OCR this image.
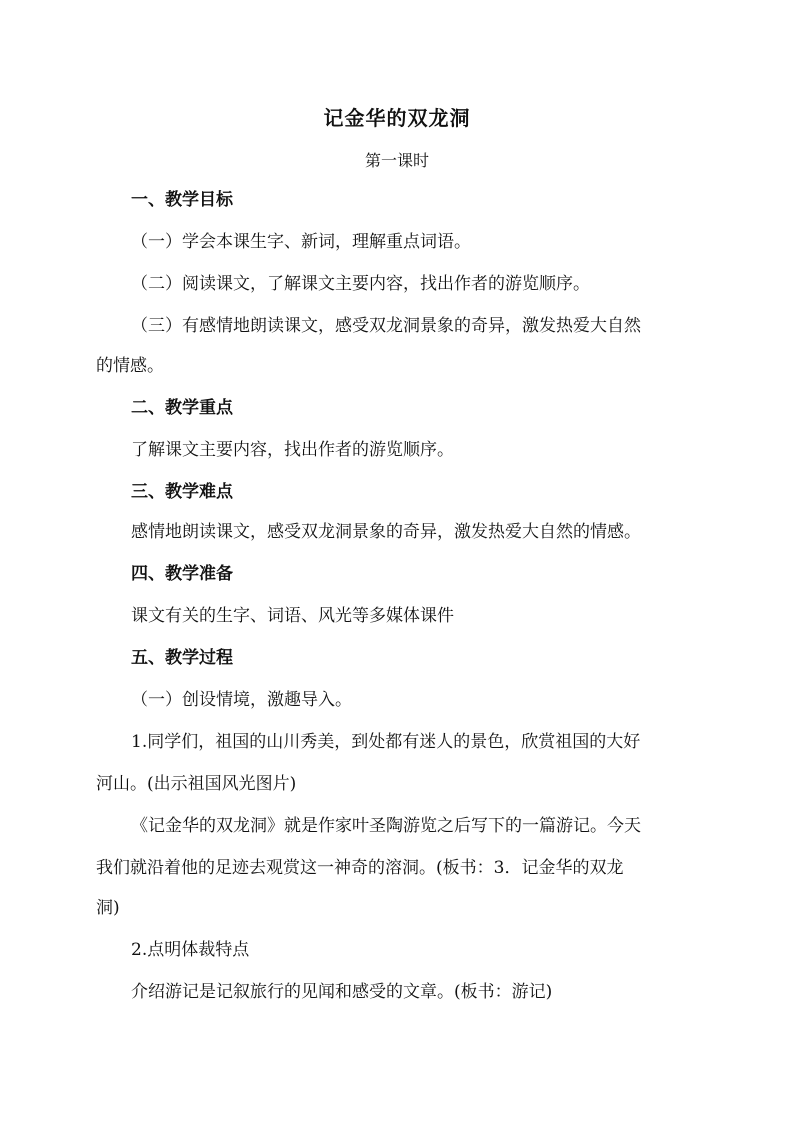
记金华的双龙洞
第一课时
一、教学目标
（一）学会本课生字、新词，理解重点词语。
（二）阅读课文，了解课文主要内容，找出作者的游览顺序。
（三）有感情地朗读课文，感受双龙洞景象的奇异，激发热爱大自然
的情感。
二、教学重点
了解课文主要内容，找出作者的游览顺序。
三、教学难点
感情地朗读课文，感受双龙洞景象的奇异，激发热爱大自然的情感。
四、教学准备
课文有关的生字、词语、风光等多媒体课件
五、教学过程
（一）创设情境，激趣导入。
1.同学们，祖国的山川秀美，到处都有迷人的景色，欣赏祖国的大好
河山。(出示祖国风光图片)
《记金华的双龙洞》就是作家叶圣陶游览之后写下的一篇游记。今天
我们就沿着他的足迹去观赏这一神奇的溶洞。(板书：3．记金华的双龙
洞)
2.点明体裁特点
介绍游记是记叙旅行的见闻和感受的文章。(板书：游记)
